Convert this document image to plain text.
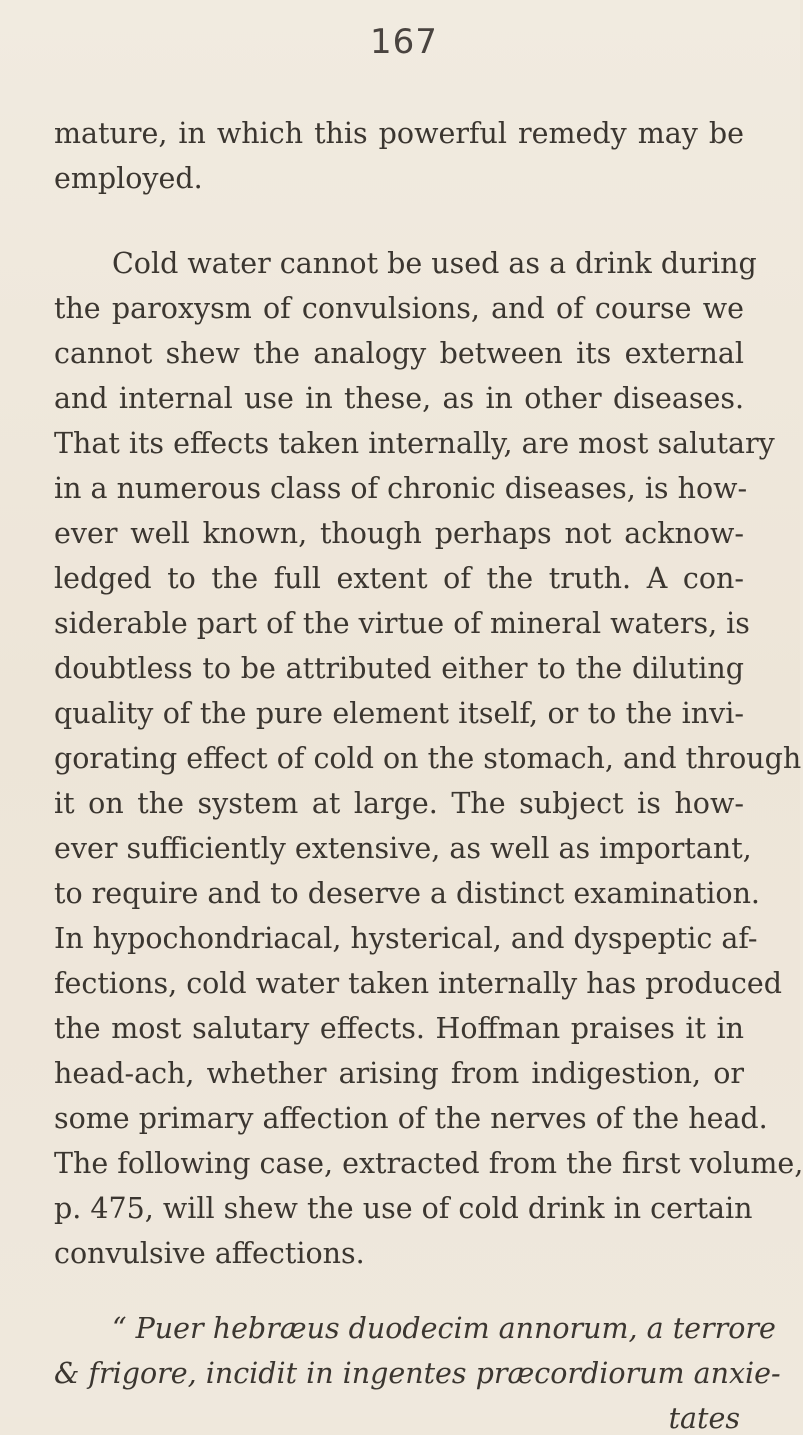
167
mature, in which this powerful remedy may be
employed.
Cold water cannot be used as a drink during
the paroxysm of convulsions, and of course we
cannot shew the analogy between its external
and internal use in these, as in other diseases.
That its effects taken internally, are most salutary
in a numerous class of chronic diseases, is how-
ever well known, though perhaps not acknow-
ledged to the full extent of the truth. A con-
siderable part of the virtue of mineral waters, is
doubtless to be attributed either to the diluting
quality of the pure element itself, or to the invi-
gorating effect of cold on the stomach, and through
it on the system at large. The subject is how-
ever sufficiently extensive, as well as important,
to require and to deserve a distinct examination.
In hypochondriacal, hysterical, and dyspeptic af-
fections, cold water taken internally has produced
the most salutary effects. Hoffman praises it in
head-ach, whether arising from indigestion, or
some primary affection of the nerves of the head.
The following case, extracted from the first volume,
p. 475, will shew the use of cold drink in certain
convulsive affections.
“ Puer hebræus duodecim annorum, a terrore
& frigore, incidit in ingentes præcordiorum anxie-
tates
